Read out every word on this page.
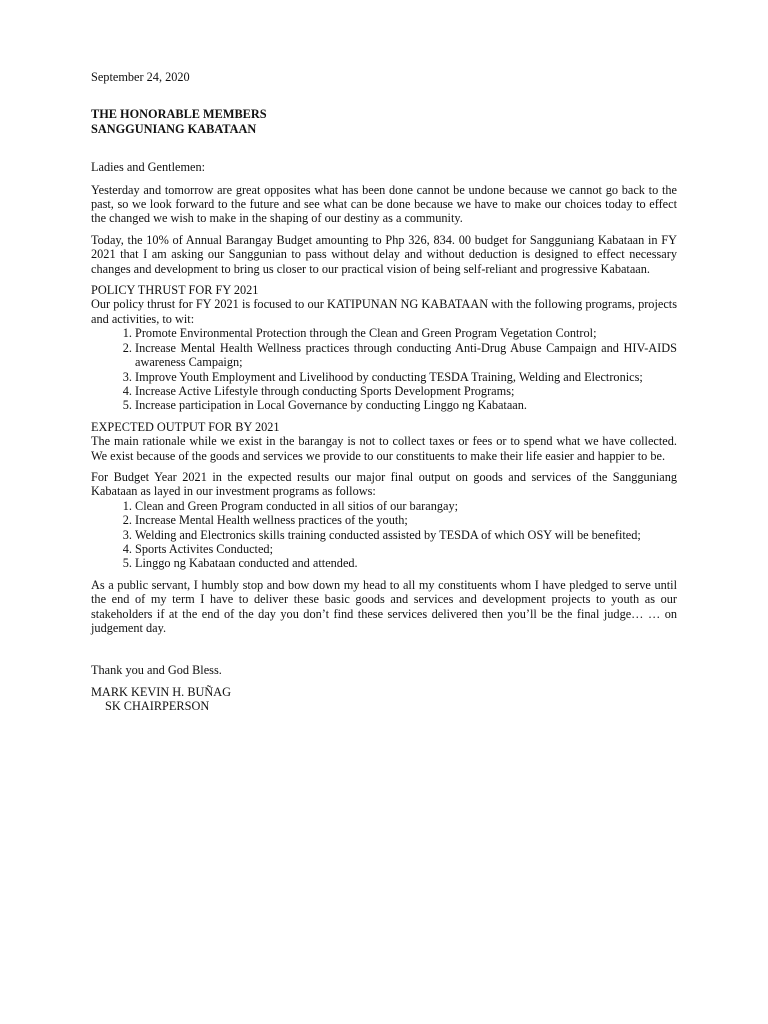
September 24, 2020

THE HONORABLE MEMBERS

SANGGUNIANG KABATAAN

Ladies and Gentlemen:

Yesterday and tomorrow are great opposites what has been done cannot be undone because we cannot go back to the past, so we look forward to the future and see what can be done because we have to make our choices today to effect the changed we wish to make in the shaping of our destiny as a community.

Today, the 10% of Annual Barangay Budget amounting to Php 326, 834. 00 budget for Sangguniang Kabataan in FY 2021 that I am asking our Sanggunian to pass without delay and without deduction is designed to effect necessary changes and development to bring us closer to our practical vision of being self-reliant and progressive Kabataan.

POLICY THRUST FOR FY 2021

Our policy thrust for FY 2021 is focused to our KATIPUNAN NG KABATAAN with the following programs, projects and activities, to wit:

1. Promote Environmental Protection through the Clean and Green Program Vegetation Control;
2. Increase Mental Health Wellness practices through conducting Anti-Drug Abuse Campaign and HIV-AIDS awareness Campaign;
3. Improve Youth Employment and Livelihood by conducting TESDA Training, Welding and Electronics;
4. Increase Active Lifestyle through conducting Sports Development Programs;
5. Increase participation in Local Governance by conducting Linggo ng Kabataan.

EXPECTED OUTPUT FOR BY 2021

The main rationale while we exist in the barangay is not to collect taxes or fees or to spend what we have collected. We exist because of the goods and services we provide to our constituents to make their life easier and happier to be.

For Budget Year 2021 in the expected results our major final output on goods and services of the Sangguniang Kabataan as layed in our investment programs as follows:

1. Clean and Green Program conducted in all sitios of our barangay;
2. Increase Mental Health wellness practices of the youth;
3. Welding and Electronics skills training conducted assisted by TESDA of which OSY will be benefited;
4. Sports Activites Conducted;
5. Linggo ng Kabataan conducted and attended.

As a public servant, I humbly stop and bow down my head to all my constituents whom I have pledged to serve until the end of my term I have to deliver these basic goods and services and development projects to youth as our stakeholders if at the end of the day you don’t find these services delivered then you’ll be the final judge… … on judgement day.

Thank you and God Bless.

MARK KEVIN H. BUÑAG

SK CHAIRPERSON
